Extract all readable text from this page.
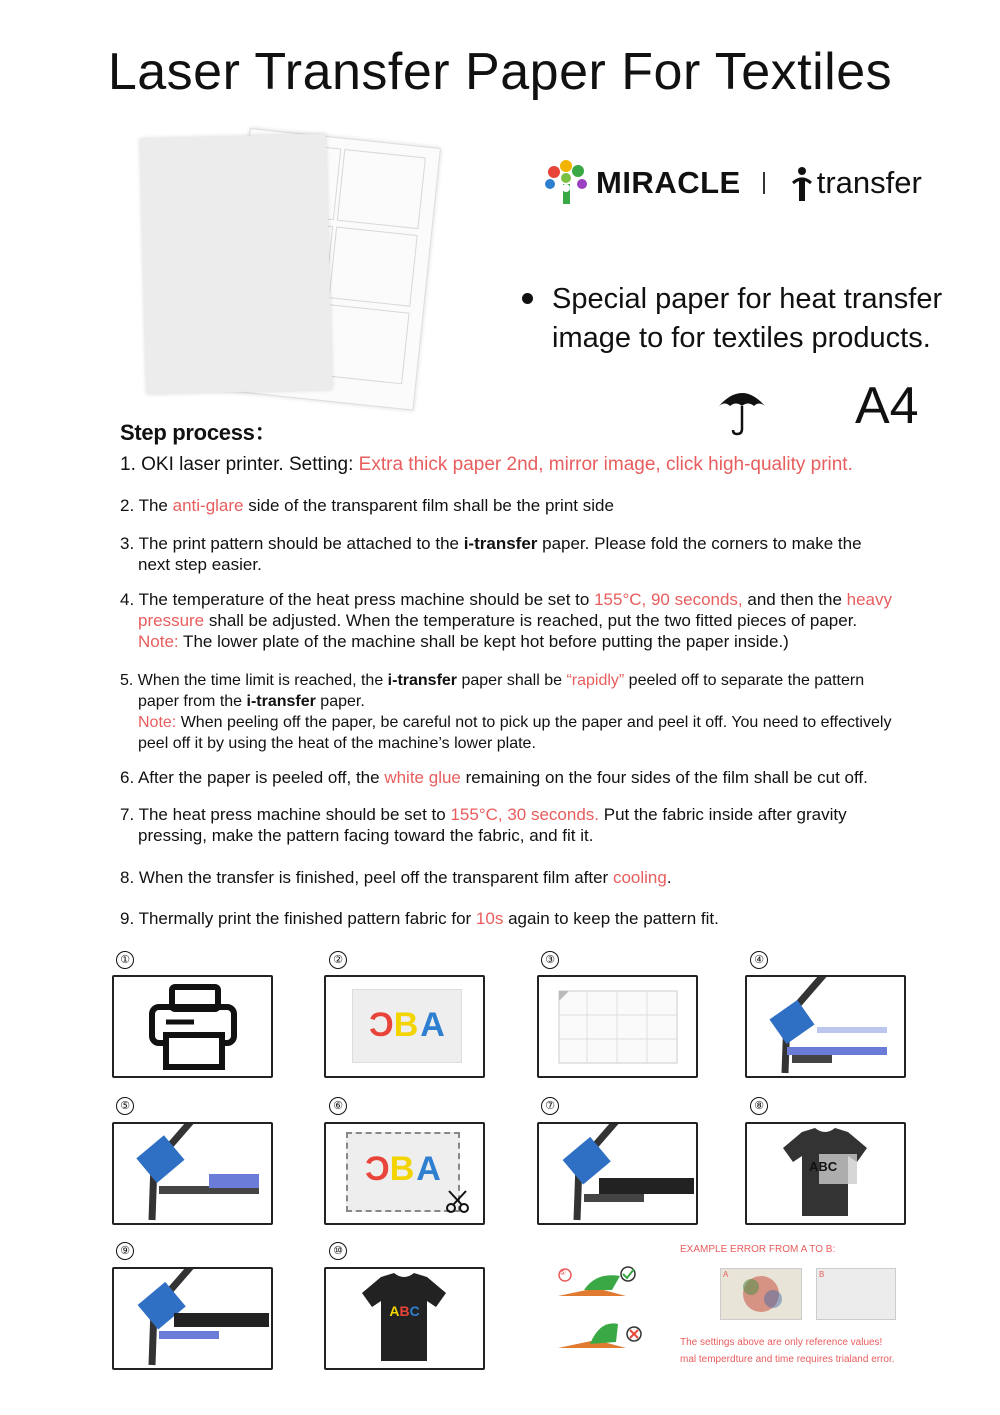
Laser Transfer Paper For Textiles
MIRACLE transfer
Special paper for heat transfer image to for textiles products.
A4
Step process：
1. OKI laser printer. Setting: Extra thick paper 2nd, mirror image, click high-quality print.
2. The anti-glare side of the transparent film shall be the print side
3. The print pattern should be attached to the i-transfer paper. Please fold the corners to make the
next step easier.
4. The temperature of the heat press machine should be set to 155°C, 90 seconds, and then the heavy
pressure shall be adjusted. When the temperature is reached, put the two fitted pieces of paper.
Note: The lower plate of the machine shall be kept hot before putting the paper inside.)
5. When the time limit is reached, the i-transfer paper shall be “rapidly” peeled off to separate the pattern
paper from the i-transfer paper.
Note: When peeling off the paper, be careful not to pick up the paper and peel it off. You need to effectively
peel off it by using the heat of the machine’s lower plate.
6. After the paper is peeled off, the white glue remaining on the four sides of the film shall be cut off.
7. The heat press machine should be set to 155°C, 30 seconds. Put the fabric inside after gravity
pressing, make the pattern facing toward the fabric, and fit it.
8. When the transfer is finished, peel off the transparent film after cooling.
9. Thermally print the finished pattern fabric for 10s again to keep the pattern fit.
①	②	③	④
⑤	⑥	⑦	⑧
⑨	⑩
CBA
CBA	ABC
ABC
⑤
EXAMPLE ERROR FROM A TO B:
A	B
The settings above are only reference values!
mal temperdture and time requires trialand error.
